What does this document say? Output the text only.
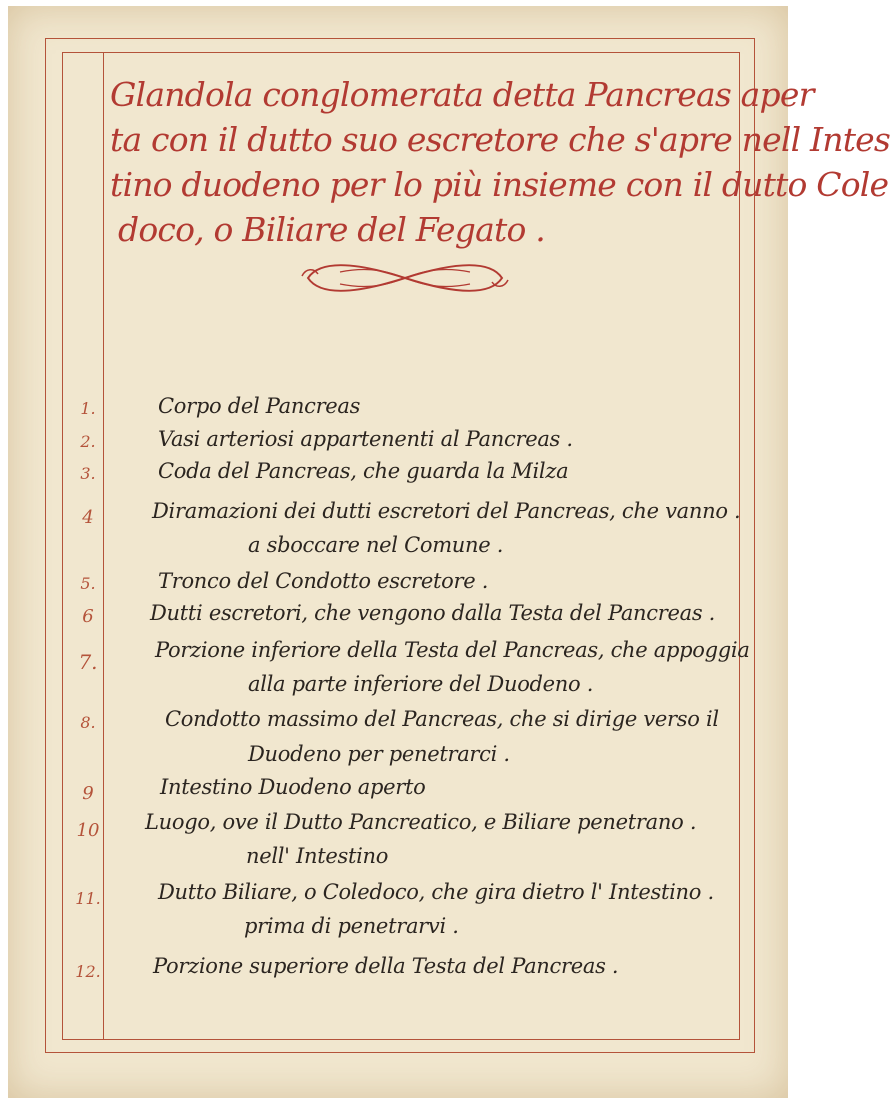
Glandola conglomerata detta Pancreas aper
ta con il dutto suo escretore che s'apre nell Intes
tino duodeno per lo più insieme con il dutto Cole
doco, o Biliare del Fegato .
1.	Corpo del Pancreas
2.	Vasi arteriosi appartenenti al Pancreas .
3.	Coda del Pancreas, che guarda la Milza
4	Diramazioni dei dutti escretori del Pancreas, che vanno .
a sboccare nel Comune .
5.	Tronco del Condotto escretore .
6	Dutti escretori, che vengono dalla Testa del Pancreas .
7.	Porzione inferiore della Testa del Pancreas, che appoggia
alla parte inferiore del Duodeno .
8.	Condotto massimo del Pancreas, che si dirige verso il
Duodeno per penetrarci .
9	Intestino Duodeno aperto
10	Luogo, ove il Dutto Pancreatico, e Biliare penetrano .
nell' Intestino
11.	Dutto Biliare, o Coledoco, che gira dietro l' Intestino .
prima di penetrarvi .
12. Porzione superiore della Testa del Pancreas .
